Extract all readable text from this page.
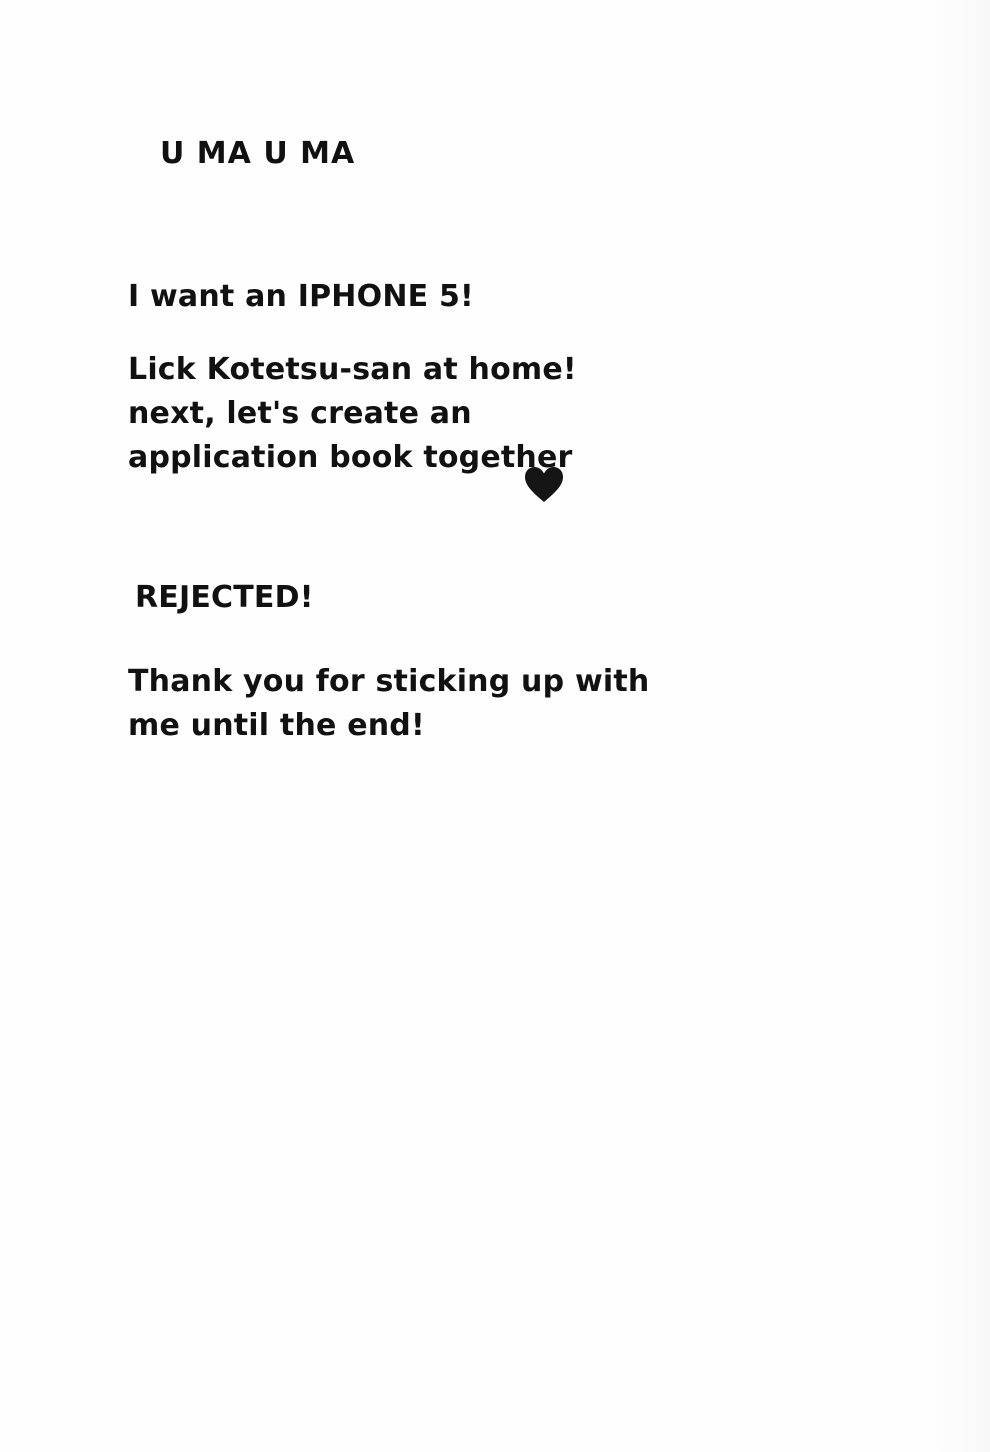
U MA U MA
I want an IPHONE 5!
Lick Kotetsu-san at home!
next, let's create an
application book together
REJECTED!
Thank you for sticking up with
me until the end!
